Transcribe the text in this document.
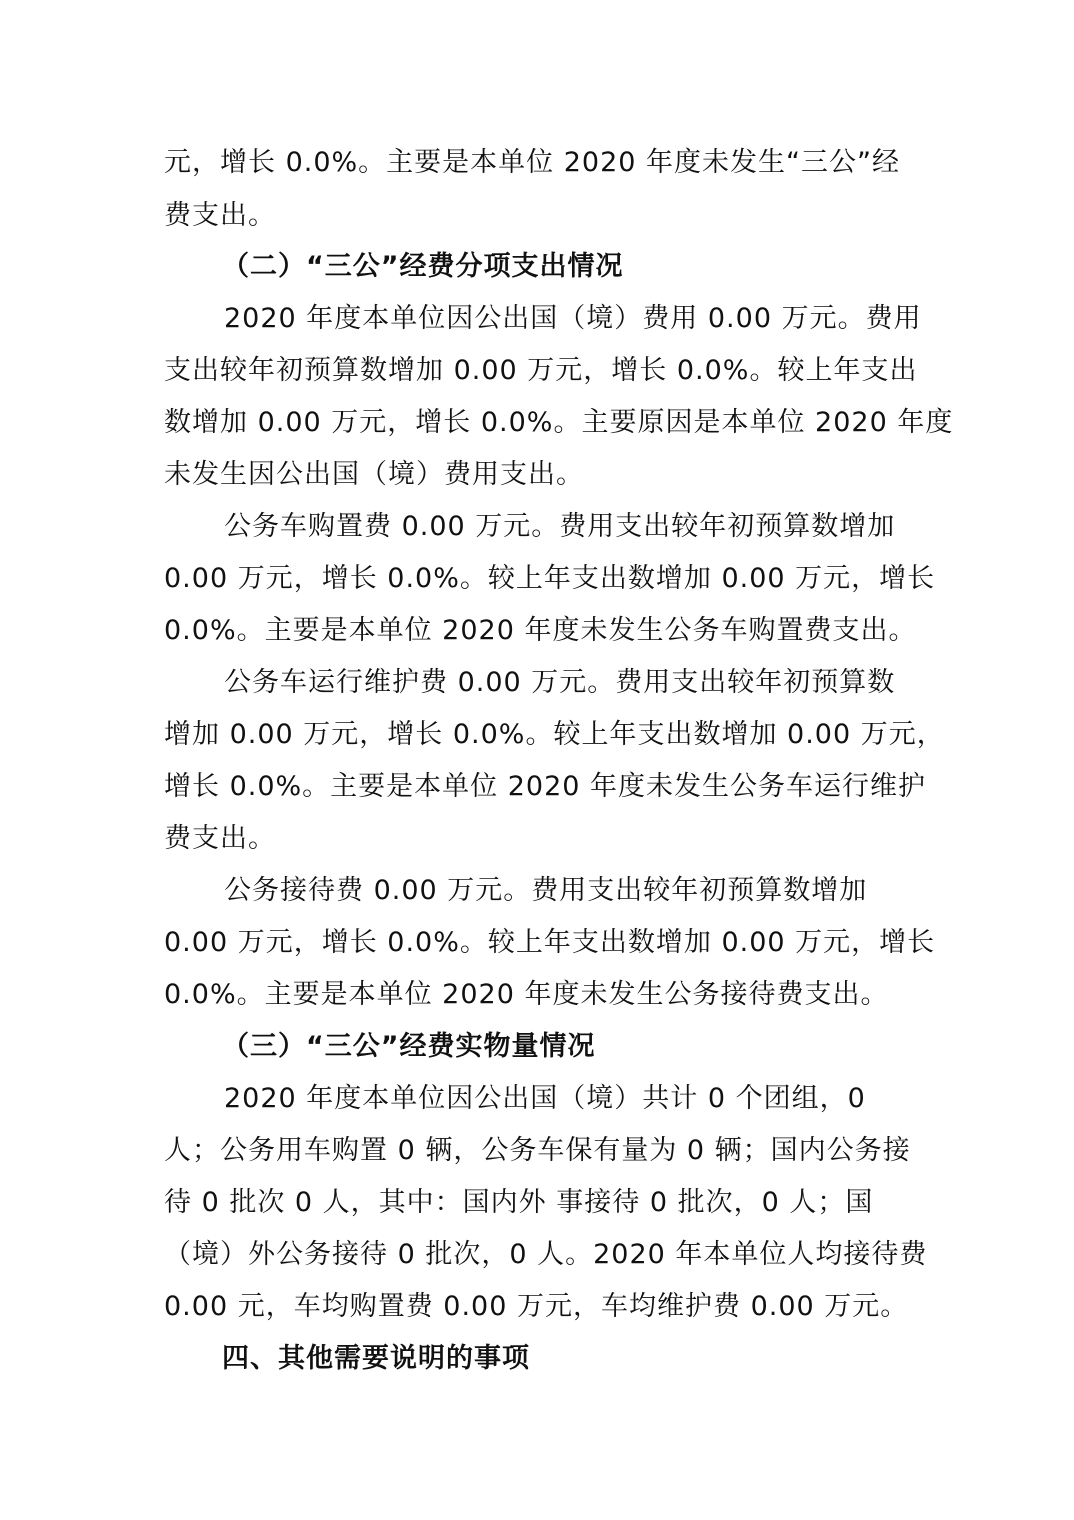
元，增长 0.0%。主要是本单位 2020 年度未发生“三公”经
费支出。
（二）“三公”经费分项支出情况
2020 年度本单位因公出国（境）费用 0.00 万元。费用
支出较年初预算数增加 0.00 万元，增长 0.0%。较上年支出
数增加 0.00 万元，增长 0.0%。主要原因是本单位 2020 年度
未发生因公出国（境）费用支出。
公务车购置费 0.00 万元。费用支出较年初预算数增加
0.00 万元，增长 0.0%。较上年支出数增加 0.00 万元，增长
0.0%。主要是本单位 2020 年度未发生公务车购置费支出。
公务车运行维护费 0.00 万元。费用支出较年初预算数
增加 0.00 万元，增长 0.0%。较上年支出数增加 0.00 万元，
增长 0.0%。主要是本单位 2020 年度未发生公务车运行维护
费支出。
公务接待费 0.00 万元。费用支出较年初预算数增加
0.00 万元，增长 0.0%。较上年支出数增加 0.00 万元，增长
0.0%。主要是本单位 2020 年度未发生公务接待费支出。
（三）“三公”经费实物量情况
2020 年度本单位因公出国（境）共计 0 个团组，0
人；公务用车购置 0 辆，公务车保有量为 0 辆；国内公务接
待 0 批次 0 人，其中：国内外 事接待 0 批次，0 人；国
（境）外公务接待 0 批次，0 人。2020 年本单位人均接待费
0.00 元，车均购置费 0.00 万元，车均维护费 0.00 万元。
四、其他需要说明的事项
